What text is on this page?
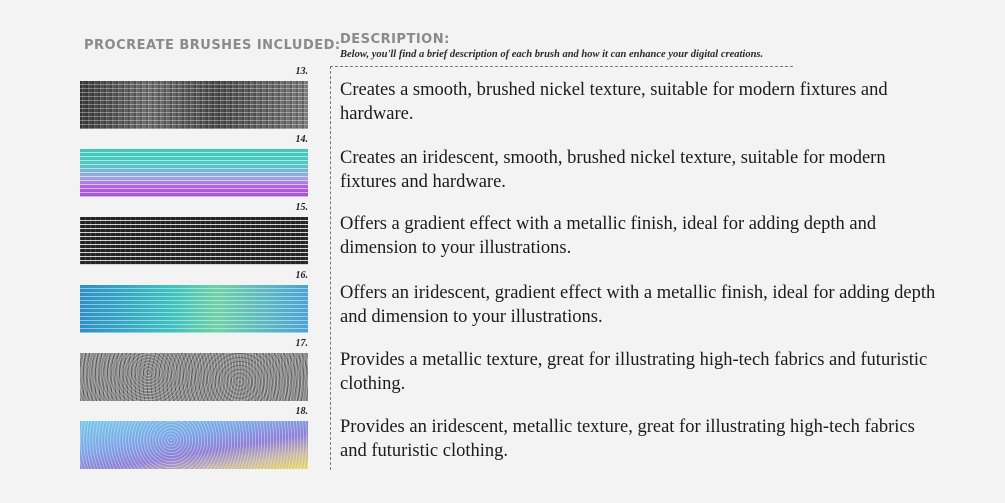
PROCREATE BRUSHES INCLUDED: DESCRIPTION:
Below, you'll find a brief description of each brush and how it can enhance your digital creations.
13.
Creates a smooth, brushed nickel texture, suitable for modern fixtures and hardware.
14.
Creates an iridescent, smooth, brushed nickel texture, suitable for modern fixtures and hardware.
15.
Offers a gradient effect with a metallic finish, ideal for adding depth and dimension to your illustrations.
16.
Offers an iridescent, gradient effect with a metallic finish, ideal for adding depth and dimension to your illustrations.
17.
Provides a metallic texture, great for illustrating high-tech fabrics and futuristic clothing.
18.
Provides an iridescent, metallic texture, great for illustrating high-tech fabrics and futuristic clothing.
